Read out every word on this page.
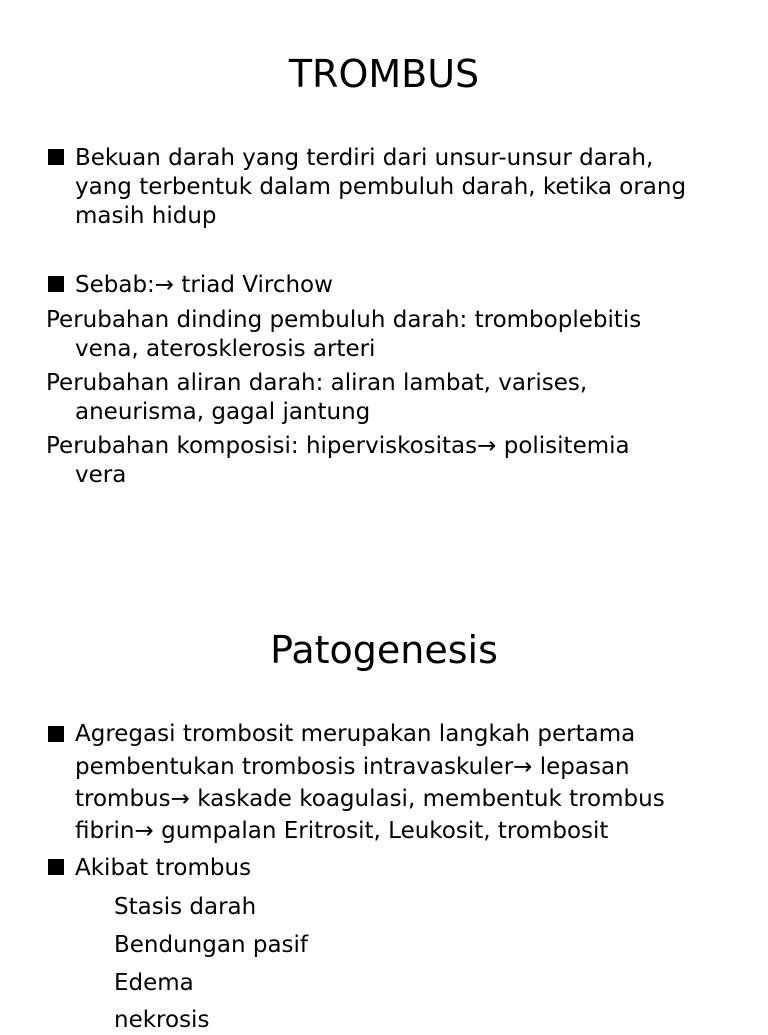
TROMBUS

Bekuan darah yang terdiri dari unsur-unsur darah,

yang terbentuk dalam pembuluh darah, ketika orang

masih hidup

Sebab:→ triad Virchow

Perubahan dinding pembuluh darah: tromboplebitis

vena, aterosklerosis arteri

Perubahan aliran darah: aliran lambat, varises,

aneurisma, gagal jantung

Perubahan komposisi: hiperviskositas→ polisitemia

vera

Patogenesis

Agregasi trombosit merupakan langkah pertama

pembentukan trombosis intravaskuler→ lepasan

trombus→ kaskade koagulasi, membentuk trombus

fibrin→ gumpalan Eritrosit, Leukosit, trombosit

Akibat trombus

Stasis darah

Bendungan pasif

Edema

nekrosis
